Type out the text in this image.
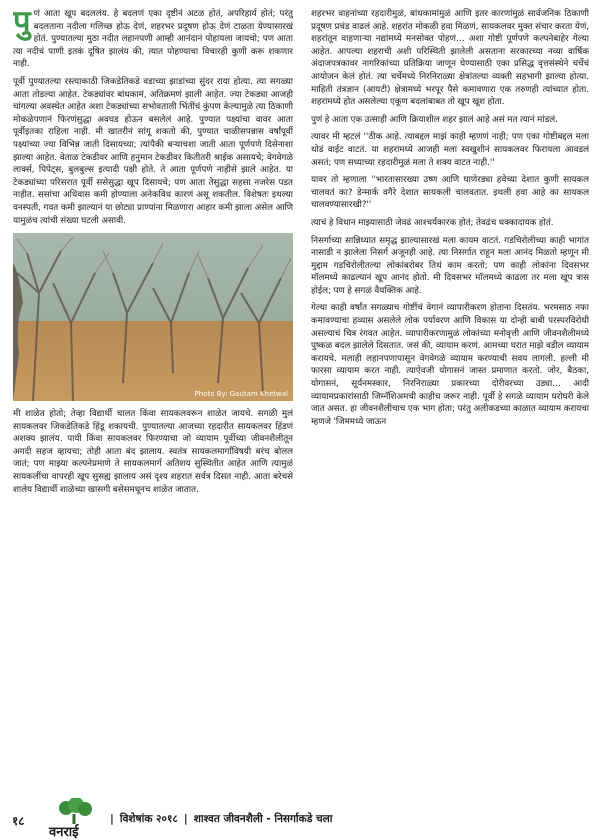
पुणं आता खूप बदललंय. हे बदलणं एका दृष्टीनं अटळ होतं, अपरिहार्य होतं; परंतु बदलताना नदीला गलिच्छ होऊ देणं, शहरभर प्रदूषण होऊ देणं टाळता येण्यासारखं होतं. पुण्यातल्या मुठा नदीत लहानपणी आम्ही आनंदानं पोहायला जायचो; पण आता त्या नदीचं पाणी इतकं दूषित झालंय की, त्यात पोहण्याचा विचारही कुणी करू शकणार नाही.

पूर्वी पुण्यातल्या रस्त्याकाठी जिकडेतिकडे वडाच्या झाडांच्या सुंदर राया होत्या. त्या सगळ्या आता तोडल्या आहेत. टेकड्यांवर बांधकामं, अतिक्रमणं झाली आहेत. ज्या टेकड्या आजही चांगल्या अवस्थेत आहेत अशा टेकड्यांच्या सभोवताली भिंतींचं कुंपण केल्यामुळे त्या ठिकाणी मोकळेपणानं फिरणंसुद्धा अवघड होऊन बसलेलं आहे. पुण्यात पक्ष्यांचा वावर आता पूर्वीइतका राहिला नाही. मी खातरीनं सांगू शकतो की, पुण्यात चाळीसपन्नास वर्षांपूर्वी पक्ष्यांच्या ज्या विभिन्न जाती दिसायच्या; त्यांपैकी बऱ्याचशा जाती आता पूर्णपणे दिसेनाशा झाल्या आहेत. वेताळ टेकडीवर आणि हनुमान टेकडीवर कितीतरी श्राईक असायचे; वेगवेगळे लार्क्स, पिपेट्स, बुलबुल्स इत्यादी पक्षी होते. ते आता पूर्णपणे नाहीसे झाले आहेत. या टेकड्यांच्या परिसरात पूर्वी ससेसुद्धा खूप दिसायचे; पण आता तेसुद्धा सहसा नजरेस पडत नाहीत. ससांचा अधिवास कमी होण्याला अनेकविध कारणं असू शकतील. विशेषतः इथल्या वनस्पती, गवत कमी झाल्यानं या छोट्या प्राण्यांना मिळणारा आहार कमी झाला असेल आणि यामुळंच त्यांची संख्या घटली असावी.

Photo By: Gautam Khetwal

मी शाळेत होतो; तेव्हा विद्यार्थी चालत किंवा सायकलवरून शाळेत जायचे. सगळी मुलं सायकलवर जिकडेतिकडे हिंडू शकायची. पुण्यातल्या आजच्या रहदारीत सायकलवर हिंडणं अशक्य झालंय. पायी किंवा सायकलवर फिरण्याचा जो व्यायाम पूर्वीच्या जीवनशैलीतून अगदी सहज व्हायचा; तोही आता बंद झालाय. स्वतंत्र सायकलमार्गांविषयी बरंच बोलल जातं; पण माझ्या कल्पनेप्रमाणे ते सायकलमार्ग अतिशय सुस्थितीत आहेत आणि त्यामुळं सायकलींचा वापरही खूप सुसह्य झालाय असं दृश्य शहरात सर्वत्र दिसत नाही. आता बरेचसे शालेय विद्यार्थी शाळेच्या खासगी बसेसमधूनच शाळेत जातात.

शहरभर वाहनांच्या रहदारीमुळं, बांधकामांमुळं आणि इतर कारणांमुळं सार्वजनिक ठिकाणी प्रदूषण प्रचंड वाढलं आहे. शहरांत मोकळी हवा मिळणं, सायकलवर मुक्त संचार करता येणं, शहरांतून वाहणाऱ्या नद्यांमध्ये मनसोक्त पोहणं… अशा गोष्टी पूर्णपणे कल्पनेबाहेर गेल्या आहेत. आपल्या शहराची अशी परिस्थिती झालेली असताना सरकारच्या नव्या वार्षिक अंदाजपत्रकावर नागरिकांच्या प्रतिक्रिया जाणून घेण्यासाठी एका प्रसिद्ध वृत्तसंस्थेने चर्चेचं आयोजन केलं होतं. त्या चर्चेमध्ये निरनिराळ्या क्षेत्रांतल्या व्यक्ती सहभागी झाल्या होत्या. माहिती तंत्रज्ञान (आयटी) क्षेत्रामध्ये भरपूर पैसे कमावणारा एक तरुणही त्यांच्यात होता. शहरामध्ये होत असलेल्या एकूण बदलांबाबत तो खूप खूश होता.

पुणं हे आता एक उत्साही आणि क्रियाशील शहर झालं आहे असं मत त्यानं मांडलं.

त्यावर मी म्हटलं ''ठीक आहे. त्याबद्दल माझं काही म्हणणं नाही; पण एका गोष्टीबद्दल मला थोडं वाईट वाटतं. या शहरामध्ये आजही मला स्वखुशीनं सायकलवर फिरायला आवडलं असतं; पण सध्याच्या रहदारीमुळं मला ते शक्य वाटत नाही.''

यावर तो म्हणाला ''भारतासारख्या उष्ण आणि घाणेरड्या हवेच्या देशात कुणी सायकल चालवतं का? डेन्मार्क वगैरे देशात सायकली चालवतात. इथली हवा आहे का सायकल चालवण्यासारखी?''

त्याचं हे विधान माझ्यासाठी जेवढं आश्चर्यकारक होतं; तेवढंच धक्कादायक होतं.

निसर्गाच्या सान्निध्यात समृद्ध झाल्यासारखं मला कायम वाटतं. गडचिरोलीच्या काही भागांत नासाडी न झालेला निसर्ग अजूनही आहे. त्या निसर्गात राहून मला आनंद मिळतो म्हणून मी मुद्दाम गडचिरोलीतल्या लोकांबरोबर तिथं काम करतो; पण काही लोकांना दिवसभर मॉलमध्ये काढल्यानं खूप आनंद होतो. मी दिवसभर मॉलमध्ये काढला तर मला खूप त्रास होईल; पण हे सगळं वैयक्तिक आहे.

गेल्या काही वर्षांत सगळ्याच गोष्टींचं वेगानं व्यापारीकरण होताना दिसतंय. भरमसाठ नफा कमावण्याचा हव्यास असलेले लोक पर्यावरण आणि विकास या दोन्ही बाबी परस्परविरोधी असल्याचं चित्र रंगवत आहेत. व्यापारीकरणामुळं लोकांच्या मनोवृत्ती आणि जीवनशैलीमध्ये पुष्कळ बदल झालेले दिसतात. जसं की, व्यायाम करणं. आमच्या घरात माझे वडील व्यायाम करायचे. मलाही लहानपणापासून वेगवेगळे व्यायाम करण्याची सवय लागली. हल्ली मी फारसा व्यायाम करत नाही. त्याऐवजी योगासनं जास्त प्रमाणात करतो. जोर, बैठका, योगासनं, सूर्यनमस्कार, निरनिराळ्या प्रकारच्या दोरीवरच्या उड्या… आदी व्यायामप्रकारांसाठी जिम्नॅशिअमची काहीच जरूर नाही. पूर्वी हे सगळे व्यायाम घरोघरी केले जात असत. हा जीवनशैलीचाच एक भाग होता; परंतु अलीकडच्या काळात व्यायाम करायचा म्हणजे 'जिममध्ये जाऊन

१८
वनराई
| विशेषांक २०१८ | शाश्वत जीवनशैली - निसर्गाकडे चला
